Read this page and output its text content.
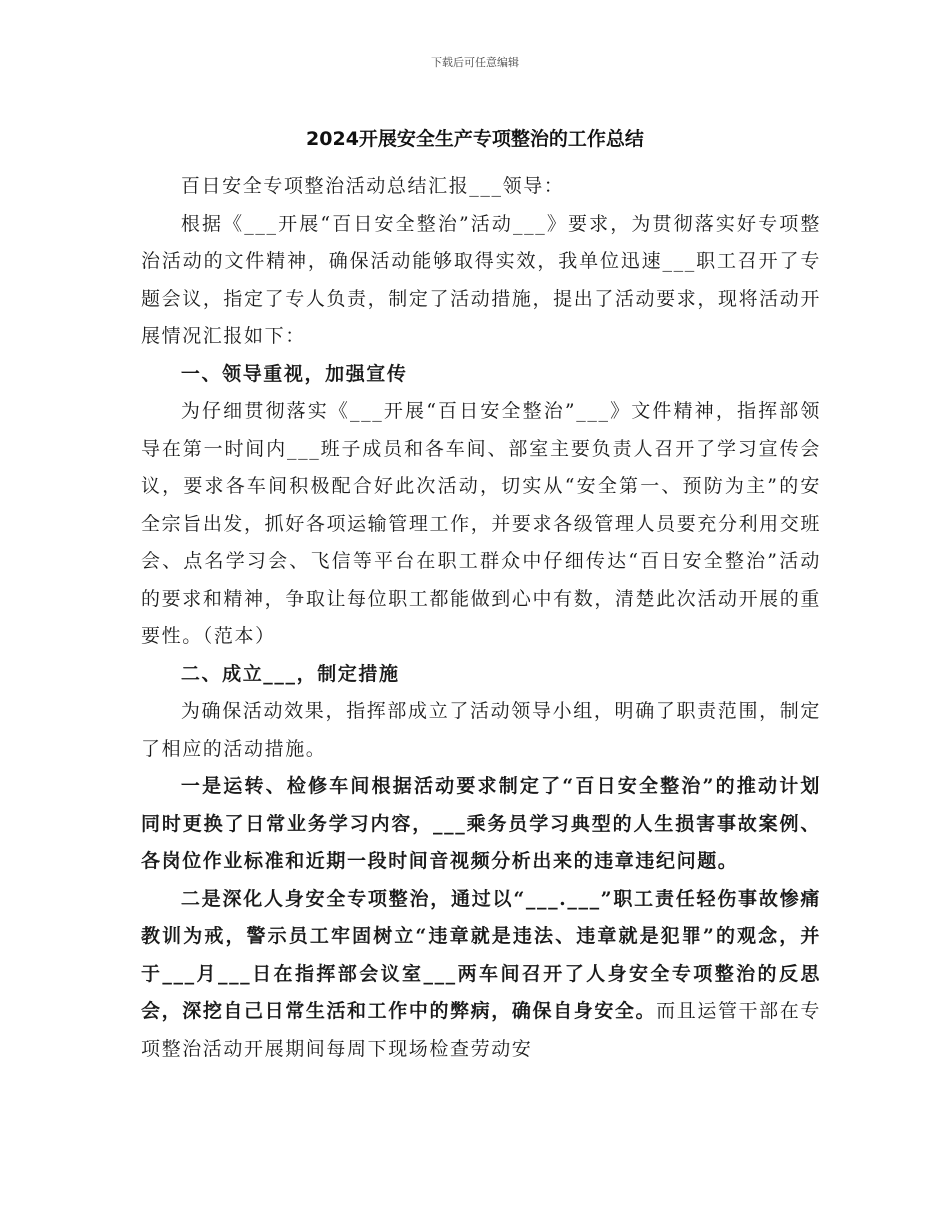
下载后可任意编辑
2024开展安全生产专项整治的工作总结

百日安全专项整治活动总结汇报___领导：

根据《___开展“百日安全整治”活动___》要求，为贯彻落实好专项整治活动的文件精神，确保活动能够取得实效，我单位迅速___职工召开了专题会议，指定了专人负责，制定了活动措施，提出了活动要求，现将活动开展情况汇报如下：

一、领导重视，加强宣传

为仔细贯彻落实《___开展“百日安全整治”___》文件精神，指挥部领导在第一时间内___班子成员和各车间、部室主要负责人召开了学习宣传会议，要求各车间积极配合好此次活动，切实从“安全第一、预防为主”的安全宗旨出发，抓好各项运输管理工作，并要求各级管理人员要充分利用交班会、点名学习会、飞信等平台在职工群众中仔细传达“百日安全整治”活动的要求和精神，争取让每位职工都能做到心中有数，清楚此次活动开展的重要性。（范本）

二、成立___，制定措施

为确保活动效果，指挥部成立了活动领导小组，明确了职责范围，制定了相应的活动措施。

一是运转、检修车间根据活动要求制定了“百日安全整治”的推动计划同时更换了日常业务学习内容，___乘务员学习典型的人生损害事故案例、各岗位作业标准和近期一段时间音视频分析出来的违章违纪问题。

二是深化人身安全专项整治，通过以“___.___”职工责任轻伤事故惨痛教训为戒，警示员工牢固树立“违章就是违法、违章就是犯罪”的观念，并于___月___日在指挥部会议室___两车间召开了人身安全专项整治的反思会，深挖自己日常生活和工作中的弊病，确保自身安全。而且运管干部在专项整治活动开展期间每周下现场检查劳动安
